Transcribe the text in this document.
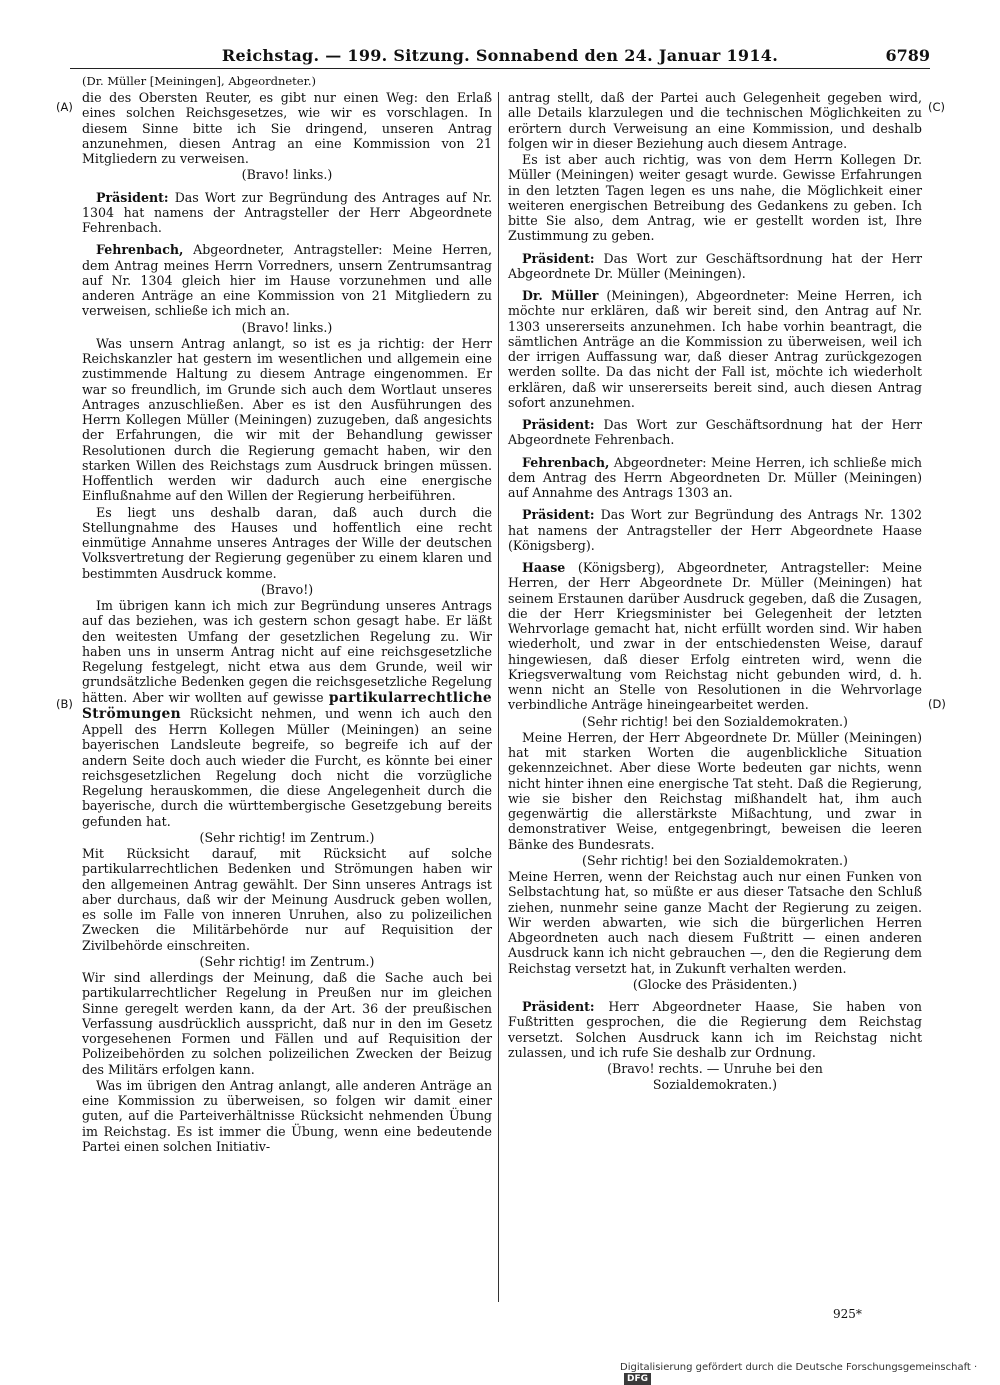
Reichstag. — 199. Sitzung. Sonnabend den 24. Januar 1914.	6789
(Dr. Müller [Meiningen], Abgeordneter.)
(A)
(B)
(C)
(D)

die des Obersten Reuter, es gibt nur einen Weg: den Erlaß eines solchen Reichsgesetzes, wie wir es vorschlagen. In diesem Sinne bitte ich Sie dringend, unseren Antrag anzunehmen, diesen Antrag an eine Kommission von 21 Mitgliedern zu verweisen.

(Bravo! links.)

Präsident: Das Wort zur Begründung des Antrages auf Nr. 1304 hat namens der Antragsteller der Herr Abgeordnete Fehrenbach.

Fehrenbach, Abgeordneter, Antragsteller: Meine Herren, dem Antrag meines Herrn Vorredners, unsern Zentrumsantrag auf Nr. 1304 gleich hier im Hause vorzunehmen und alle anderen Anträge an eine Kommission von 21 Mitgliedern zu verweisen, schließe ich mich an.

(Bravo! links.)

Was unsern Antrag anlangt, so ist es ja richtig: der Herr Reichskanzler hat gestern im wesentlichen und allgemein eine zustimmende Haltung zu diesem Antrage eingenommen. Er war so freundlich, im Grunde sich auch dem Wortlaut unseres Antrages anzuschließen. Aber es ist den Ausführungen des Herrn Kollegen Müller (Meiningen) zuzugeben, daß angesichts der Erfahrungen, die wir mit der Behandlung gewisser Resolutionen durch die Regierung gemacht haben, wir den starken Willen des Reichstags zum Ausdruck bringen müssen. Hoffentlich werden wir dadurch auch eine energische Einflußnahme auf den Willen der Regierung herbeiführen.

Es liegt uns deshalb daran, daß auch durch die Stellungnahme des Hauses und hoffentlich eine recht einmütige Annahme unseres Antrages der Wille der deutschen Volksvertretung der Regierung gegenüber zu einem klaren und bestimmten Ausdruck komme.

(Bravo!)

Im übrigen kann ich mich zur Begründung unseres Antrags auf das beziehen, was ich gestern schon gesagt habe. Er läßt den weitesten Umfang der gesetzlichen Regelung zu. Wir haben uns in unserm Antrag nicht auf eine reichsgesetzliche Regelung festgelegt, nicht etwa aus dem Grunde, weil wir grundsätzliche Bedenken gegen die reichsgesetzliche Regelung hätten. Aber wir wollten auf gewisse partikularrechtliche Strömungen Rücksicht nehmen, und wenn ich auch den Appell des Herrn Kollegen Müller (Meiningen) an seine bayerischen Landsleute begreife, so begreife ich auf der andern Seite doch auch wieder die Furcht, es könnte bei einer reichsgesetzlichen Regelung doch nicht die vorzügliche Regelung herauskommen, die diese Angelegenheit durch die bayerische, durch die württembergische Gesetzgebung bereits gefunden hat.

(Sehr richtig! im Zentrum.)

Mit Rücksicht darauf, mit Rücksicht auf solche partikularrechtlichen Bedenken und Strömungen haben wir den allgemeinen Antrag gewählt. Der Sinn unseres Antrags ist aber durchaus, daß wir der Meinung Ausdruck geben wollen, es solle im Falle von inneren Unruhen, also zu polizeilichen Zwecken die Militärbehörde nur auf Requisition der Zivilbehörde einschreiten.

(Sehr richtig! im Zentrum.)

Wir sind allerdings der Meinung, daß die Sache auch bei partikularrechtlicher Regelung in Preußen nur im gleichen Sinne geregelt werden kann, da der Art. 36 der preußischen Verfassung ausdrücklich ausspricht, daß nur in den im Gesetz vorgesehenen Formen und Fällen und auf Requisition der Polizeibehörden zu solchen polizeilichen Zwecken der Beizug des Militärs erfolgen kann.

Was im übrigen den Antrag anlangt, alle anderen Anträge an eine Kommission zu überweisen, so folgen wir damit einer guten, auf die Parteiverhältnisse Rücksicht nehmenden Übung im Reichstag. Es ist immer die Übung, wenn eine bedeutende Partei einen solchen Initiativ-

antrag stellt, daß der Partei auch Gelegenheit gegeben wird, alle Details klarzulegen und die technischen Möglichkeiten zu erörtern durch Verweisung an eine Kommission, und deshalb folgen wir in dieser Beziehung auch diesem Antrage.

Es ist aber auch richtig, was von dem Herrn Kollegen Dr. Müller (Meiningen) weiter gesagt wurde. Gewisse Erfahrungen in den letzten Tagen legen es uns nahe, die Möglichkeit einer weiteren energischen Betreibung des Gedankens zu geben. Ich bitte Sie also, dem Antrag, wie er gestellt worden ist, Ihre Zustimmung zu geben.

Präsident: Das Wort zur Geschäftsordnung hat der Herr Abgeordnete Dr. Müller (Meiningen).

Dr. Müller (Meiningen), Abgeordneter: Meine Herren, ich möchte nur erklären, daß wir bereit sind, den Antrag auf Nr. 1303 unsererseits anzunehmen. Ich habe vorhin beantragt, die sämtlichen Anträge an die Kommission zu überweisen, weil ich der irrigen Auffassung war, daß dieser Antrag zurückgezogen werden sollte. Da das nicht der Fall ist, möchte ich wiederholt erklären, daß wir unsererseits bereit sind, auch diesen Antrag sofort anzunehmen.

Präsident: Das Wort zur Geschäftsordnung hat der Herr Abgeordnete Fehrenbach.

Fehrenbach, Abgeordneter: Meine Herren, ich schließe mich dem Antrag des Herrn Abgeordneten Dr. Müller (Meiningen) auf Annahme des Antrags 1303 an.

Präsident: Das Wort zur Begründung des Antrags Nr. 1302 hat namens der Antragsteller der Herr Abgeordnete Haase (Königsberg).

Haase (Königsberg), Abgeordneter, Antragsteller: Meine Herren, der Herr Abgeordnete Dr. Müller (Meiningen) hat seinem Erstaunen darüber Ausdruck gegeben, daß die Zusagen, die der Herr Kriegsminister bei Gelegenheit der letzten Wehrvorlage gemacht hat, nicht erfüllt worden sind. Wir haben wiederholt, und zwar in der entschiedensten Weise, darauf hingewiesen, daß dieser Erfolg eintreten wird, wenn die Kriegsverwaltung vom Reichstag nicht gebunden wird, d. h. wenn nicht an Stelle von Resolutionen in die Wehrvorlage verbindliche Anträge hineingearbeitet werden.

(Sehr richtig! bei den Sozialdemokraten.)

Meine Herren, der Herr Abgeordnete Dr. Müller (Meiningen) hat mit starken Worten die augenblickliche Situation gekennzeichnet. Aber diese Worte bedeuten gar nichts, wenn nicht hinter ihnen eine energische Tat steht. Daß die Regierung, wie sie bisher den Reichstag mißhandelt hat, ihm auch gegenwärtig die allerstärkste Mißachtung, und zwar in demonstrativer Weise, entgegenbringt, beweisen die leeren Bänke des Bundesrats.

(Sehr richtig! bei den Sozialdemokraten.)

Meine Herren, wenn der Reichstag auch nur einen Funken von Selbstachtung hat, so müßte er aus dieser Tatsache den Schluß ziehen, nunmehr seine ganze Macht der Regierung zu zeigen. Wir werden abwarten, wie sich die bürgerlichen Herren Abgeordneten auch nach diesem Fußtritt — einen anderen Ausdruck kann ich nicht gebrauchen —, den die Regierung dem Reichstag versetzt hat, in Zukunft verhalten werden.

(Glocke des Präsidenten.)

Präsident: Herr Abgeordneter Haase, Sie haben von Fußtritten gesprochen, die die Regierung dem Reichstag versetzt. Solchen Ausdruck kann ich im Reichstag nicht zulassen, und ich rufe Sie deshalb zur Ordnung.

(Bravo! rechts. — Unruhe bei den

Sozialdemokraten.)

925*
Digitalisierung gefördert durch die Deutsche Forschungsgemeinschaft ·DFG
